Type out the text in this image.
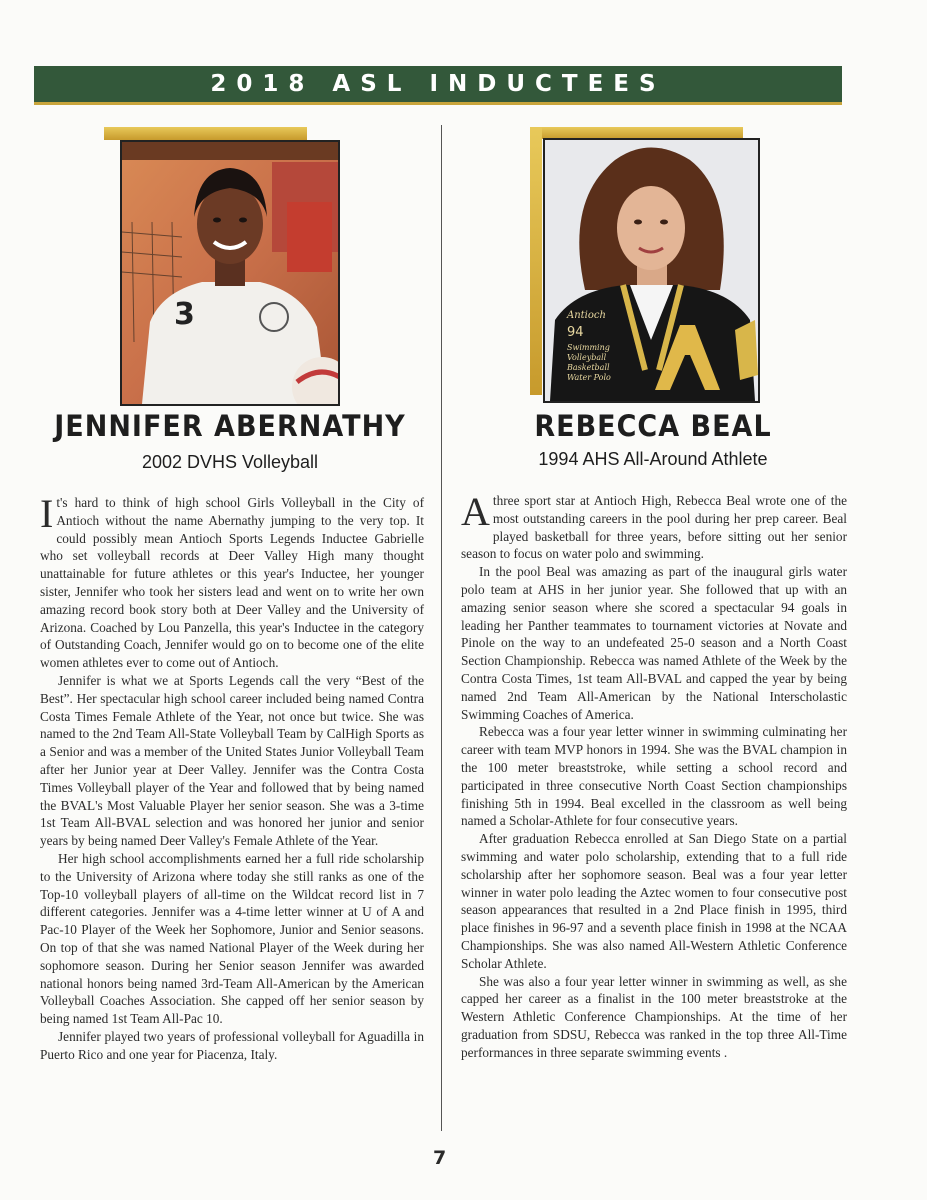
2018 ASL INDUCTEES
3	Antioch
94
Swimming
Volleyball
Basketball
Water Polo
JENNIFER ABERNATHY
2002 DVHS Volleyball
REBECCA BEAL
1994 AHS All-Around Athlete

It's hard to think of high school Girls Volleyball in the City of Antioch without the name Abernathy jumping to the very top. It could possibly mean Antioch Sports Legends Inductee Gabrielle who set volleyball records at Deer Valley High many thought unattainable for future athletes or this year's Inductee, her younger sister, Jennifer who took her sisters lead and went on to write her own amazing record book story both at Deer Valley and the University of Arizona. Coached by Lou Panzella, this year's Inductee in the category of Outstanding Coach, Jennifer would go on to become one of the elite women athletes ever to come out of Antioch.

Jennifer is what we at Sports Legends call the very “Best of the Best”. Her spectacular high school career included being named Contra Costa Times Female Athlete of the Year, not once but twice. She was named to the 2nd Team All-State Volleyball Team by CalHigh Sports as a Senior and was a member of the United States Junior Volleyball Team after her Junior year at Deer Valley. Jennifer was the Contra Costa Times Volleyball player of the Year and followed that by being named the BVAL's Most Valuable Player her senior season. She was a 3-time 1st Team All-BVAL selection and was honored her junior and senior years by being named Deer Valley's Female Athlete of the Year.

Her high school accomplishments earned her a full ride scholarship to the University of Arizona where today she still ranks as one of the Top-10 volleyball players of all-time on the Wildcat record list in 7 different categories. Jennifer was a 4-time letter winner at U of A and Pac-10 Player of the Week her Sophomore, Junior and Senior seasons. On top of that she was named National Player of the Week during her sophomore season. During her Senior season Jennifer was awarded national honors being named 3rd-Team All-American by the American Volleyball Coaches Association. She capped off her senior season by being named 1st Team All-Pac 10.

Jennifer played two years of professional volleyball for Aguadilla in Puerto Rico and one year for Piacenza, Italy.

A three sport star at Antioch High, Rebecca Beal wrote one of the most outstanding careers in the pool during her prep career. Beal played basketball for three years, before sitting out her senior season to focus on water polo and swimming.

In the pool Beal was amazing as part of the inaugural girls water polo team at AHS in her junior year. She followed that up with an amazing senior season where she scored a spectacular 94 goals in leading her Panther teammates to tournament victories at Novate and Pinole on the way to an undefeated 25-0 season and a North Coast Section Championship. Rebecca was named Athlete of the Week by the Contra Costa Times, 1st team All-BVAL and capped the year by being named 2nd Team All-American by the National Interscholastic Swimming Coaches of America.

Rebecca was a four year letter winner in swimming culminating her career with team MVP honors in 1994. She was the BVAL champion in the 100 meter breaststroke, while setting a school record and participated in three consecutive North Coast Section championships finishing 5th in 1994. Beal excelled in the classroom as well being named a Scholar-Athlete for four consecutive years.

After graduation Rebecca enrolled at San Diego State on a partial swimming and water polo scholarship, extending that to a full ride scholarship after her sophomore season. Beal was a four year letter winner in water polo leading the Aztec women to four consecutive post season appearances that resulted in a 2nd Place finish in 1995, third place finishes in 96-97 and a seventh place finish in 1998 at the NCAA Championships. She was also named All-Western Athletic Conference Scholar Athlete.

She was also a four year letter winner in swimming as well, as she capped her career as a finalist in the 100 meter breaststroke at the Western Athletic Conference Championships. At the time of her graduation from SDSU, Rebecca was ranked in the top three All-Time performances in three separate swimming events .

7
